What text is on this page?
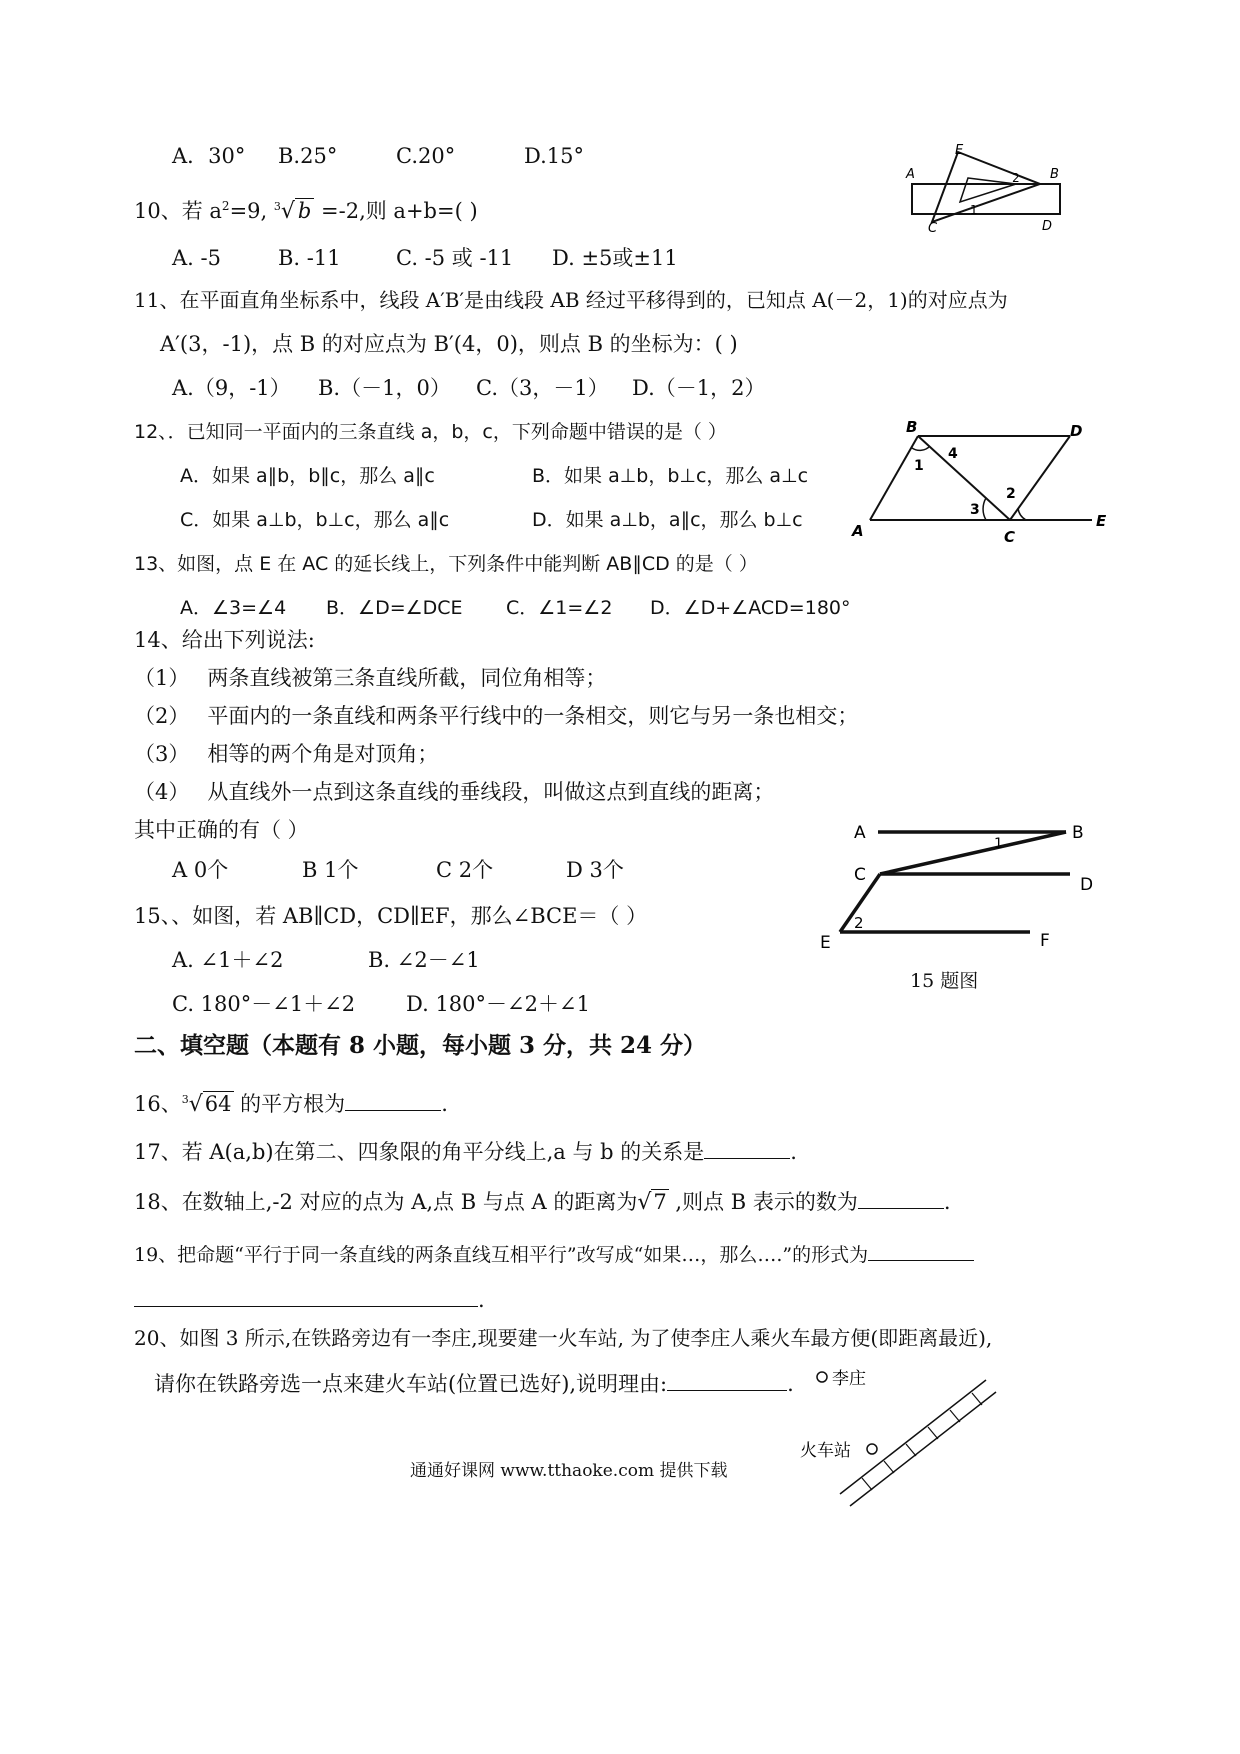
A．30° B.25°	C.20°	D.15°	E
A	B
C	D
2
1
10、若 $a^2=9$, $^3$√ b =-2,则 a+b=( )
A. -5	B. -11	C. -5 或 -11 D. ±5或±11
11、在平面直角坐标系中，线段 A′B′是由线段 AB 经过平移得到的，已知点 A(－2，1)的对应点为
A′(3，-1)，点 B 的对应点为 B′(4，0)，则点 B 的坐标为：( )
A.（9，-1） B.（－1，0） C.（3，－1） D.（－1，2）
12、．已知同一平面内的三条直线 a，b，c，下列命题中错误的是（ ）
A．如果 a∥b，b∥c，那么 a∥c	B．如果 a⊥b，b⊥c，那么 a⊥c
C．如果 a⊥b，b⊥c，那么 a∥c	D．如果 a⊥b，a∥c，那么 b⊥c
B	D
A	C
E
1
4
2
3
13、如图，点 E 在 AC 的延长线上，下列条件中能判断 AB∥CD 的是（ ）
A．∠3=∠4 B．∠D=∠DCE C．∠1=∠2 D．∠D+∠ACD=180°
14、给出下列说法:
（1） 两条直线被第三条直线所截，同位角相等；
（2） 平面内的一条直线和两条平行线中的一条相交，则它与另一条也相交；
（3） 相等的两个角是对顶角；
（4） 从直线外一点到这条直线的垂线段，叫做这点到直线的距离；
其中正确的有（ ）
A 0个	B 1个	C 2个	D 3个
A	B
C	D
E	F
1
2
15 题图
15、、如图，若 AB∥CD，CD∥EF，那么∠BCE＝（ ）
A. ∠1＋∠2	B. ∠2－∠1
C. 180°－∠1＋∠2 D. 180°－∠2＋∠1
二、填空题（本题有 8 小题，每小题 3 分，共 24 分）
16、$^3$√64 的平方根为	.
17、若 A(a,b)在第二、四象限的角平分线上,a 与 b 的关系是	.
18、在数轴上,-2 对应的点为 A,点 B 与点 A 的距离为√7 ,则点 B 表示的数为	.
19、把命题“平行于同一条直线的两条直线互相平行”改写成“如果…，那么….”的形式为
.
20、如图 3 所示,在铁路旁边有一李庄,现要建一火车站, 为了使李庄人乘火车最方便(即距离最近),
请你在铁路旁选一点来建火车站(位置已选好),说明理由:	. 李庄
火车站
通通好课网 www.tthaoke.com 提供下载
